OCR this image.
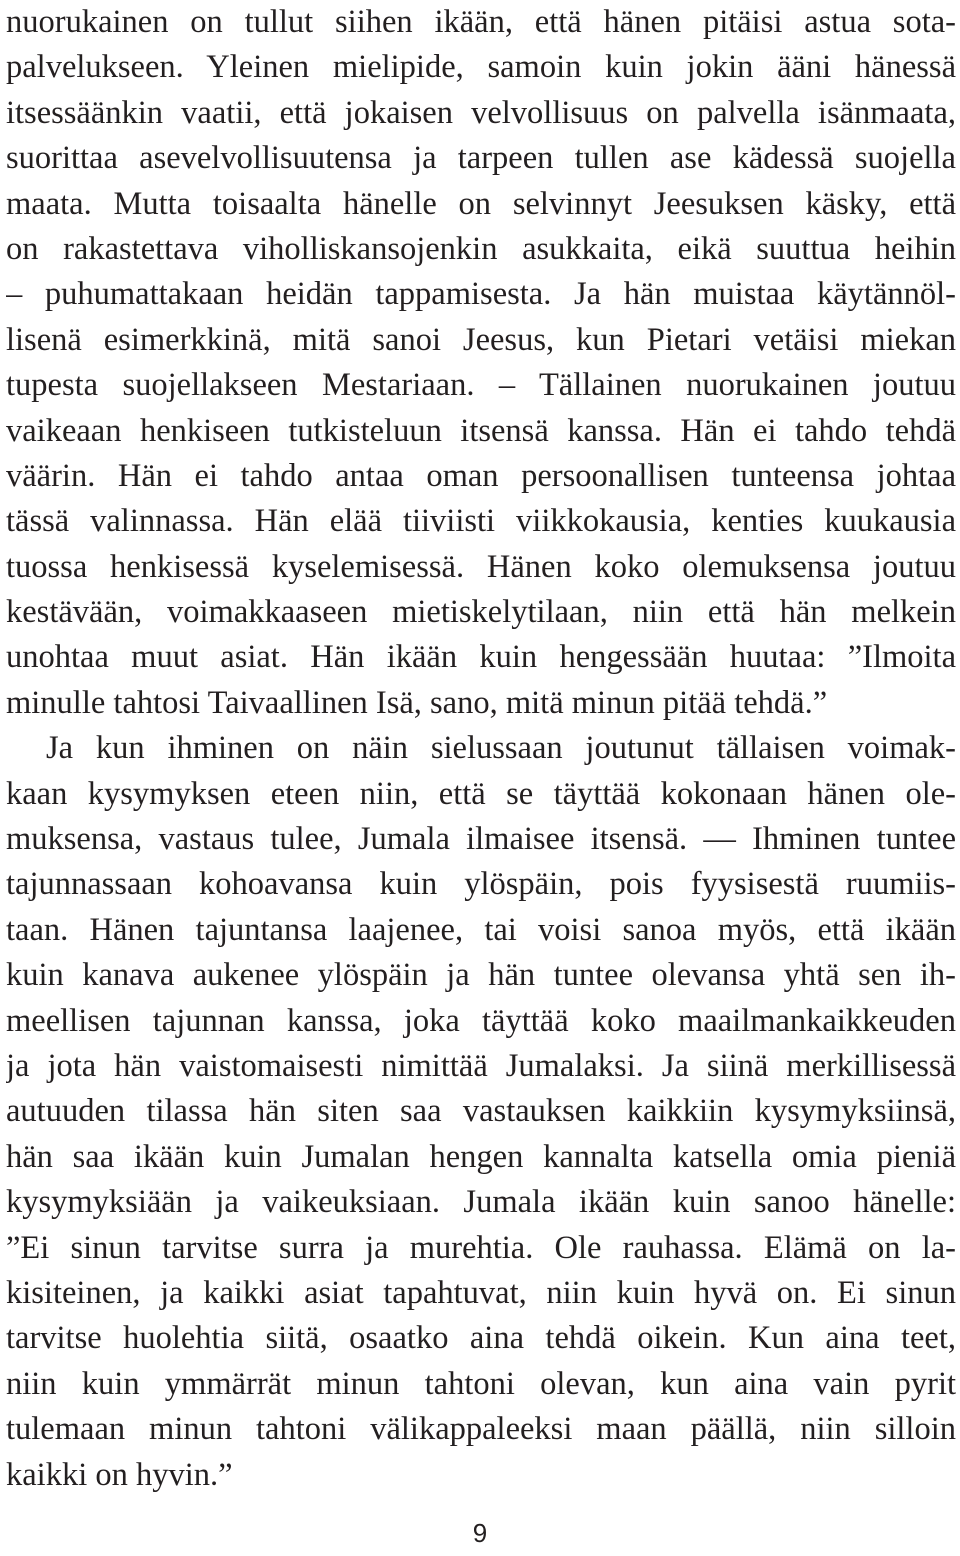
nuorukainen on tullut siihen ikään, että hänen pitäisi astua sota-
palvelukseen. Yleinen mielipide, samoin kuin jokin ääni hänessä
itsessäänkin vaatii, että jokaisen velvollisuus on palvella isänmaata,
suorittaa asevelvollisuutensa ja tarpeen tullen ase kädessä suojella
maata. Mutta toisaalta hänelle on selvinnyt Jeesuksen käsky, että
on rakastettava viholliskansojenkin asukkaita, eikä suuttua heihin
– puhumattakaan heidän tappamisesta. Ja hän muistaa käytännöl-
lisenä esimerkkinä, mitä sanoi Jeesus, kun Pietari vetäisi miekan
tupesta suojellakseen Mestariaan. – Tällainen nuorukainen joutuu
vaikeaan henkiseen tutkisteluun itsensä kanssa. Hän ei tahdo tehdä
väärin. Hän ei tahdo antaa oman persoonallisen tunteensa johtaa
tässä valinnassa. Hän elää tiiviisti viikkokausia, kenties kuukausia
tuossa henkisessä kyselemisessä. Hänen koko olemuksensa joutuu
kestävään, voimakkaaseen mietiskelytilaan, niin että hän melkein
unohtaa muut asiat. Hän ikään kuin hengessään huutaa: ”Ilmoita
minulle tahtosi Taivaallinen Isä, sano, mitä minun pitää tehdä.”
Ja kun ihminen on näin sielussaan joutunut tällaisen voimak-
kaan kysymyksen eteen niin, että se täyttää kokonaan hänen ole-
muksensa, vastaus tulee, Jumala ilmaisee itsensä. — Ihminen tuntee
tajunnassaan kohoavansa kuin ylöspäin, pois fyysisestä ruumiis-
taan. Hänen tajuntansa laajenee, tai voisi sanoa myös, että ikään
kuin kanava aukenee ylöspäin ja hän tuntee olevansa yhtä sen ih-
meellisen tajunnan kanssa, joka täyttää koko maailmankaikkeuden
ja jota hän vaistomaisesti nimittää Jumalaksi. Ja siinä merkillisessä
autuuden tilassa hän siten saa vastauksen kaikkiin kysymyksiinsä,
hän saa ikään kuin Jumalan hengen kannalta katsella omia pieniä
kysymyksiään ja vaikeuksiaan. Jumala ikään kuin sanoo hänelle:
”Ei sinun tarvitse surra ja murehtia. Ole rauhassa. Elämä on la-
kisiteinen, ja kaikki asiat tapahtuvat, niin kuin hyvä on. Ei sinun
tarvitse huolehtia siitä, osaatko aina tehdä oikein. Kun aina teet,
niin kuin ymmärrät minun tahtoni olevan, kun aina vain pyrit
tulemaan minun tahtoni välikappaleeksi maan päällä, niin silloin
kaikki on hyvin.”
9
